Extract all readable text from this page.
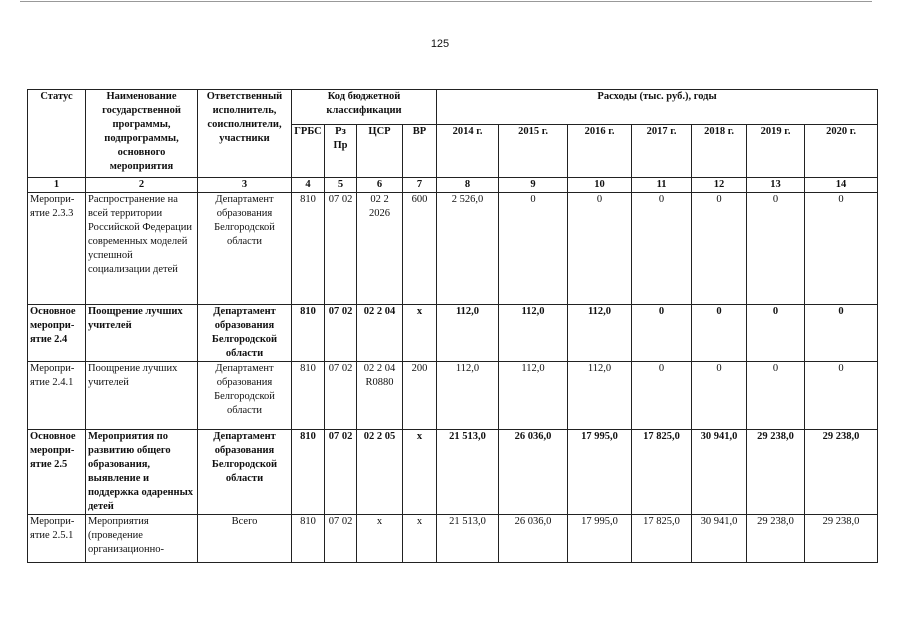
125
Статус	Наименование государственной программы, подпрограммы, основного мероприятия	Ответственный исполнитель, соисполнители, участники	Код бюджетной классификации				Расходы (тыс. руб.), годы						
			ГРБС	Рз Пр	ЦСР	ВР	2014 г.	2015 г.	2016 г.	2017 г.	2018 г.	2019 г.	2020 г.
1	2	3	4	5	6	7	8	9	10	11	12	13	14
Меропри-ятие 2.3.3	Распространение на всей территории Российской Федерации современных моделей успешной социализации детей	Департамент образования Белгородской области	810	07 02	02 2 2026	600	2 526,0	0	0	0	0	0	0
Основное меропри-ятие 2.4	Поощрение лучших учителей	Департамент образования Белгородской области	810	07 02	02 2 04	х	112,0	112,0	112,0	0	0	0	0
Меропри-ятие 2.4.1	Поощрение лучших учителей	Департамент образования Белгородской области	810	07 02	02 2 04 R0880	200	112,0	112,0	112,0	0	0	0	0
Основное меропри-ятие 2.5	Мероприятия по развитию общего образования, выявление и поддержка одаренных детей	Департамент образования Белгородской области	810	07 02	02 2 05	х	21 513,0	26 036,0	17 995,0	17 825,0	30 941,0	29 238,0	29 238,0
Меропри-ятие 2.5.1	Мероприятия (проведение организационно-	Всего	810	07 02	х	х	21 513,0	26 036,0	17 995,0	17 825,0	30 941,0	29 238,0	29 238,0
